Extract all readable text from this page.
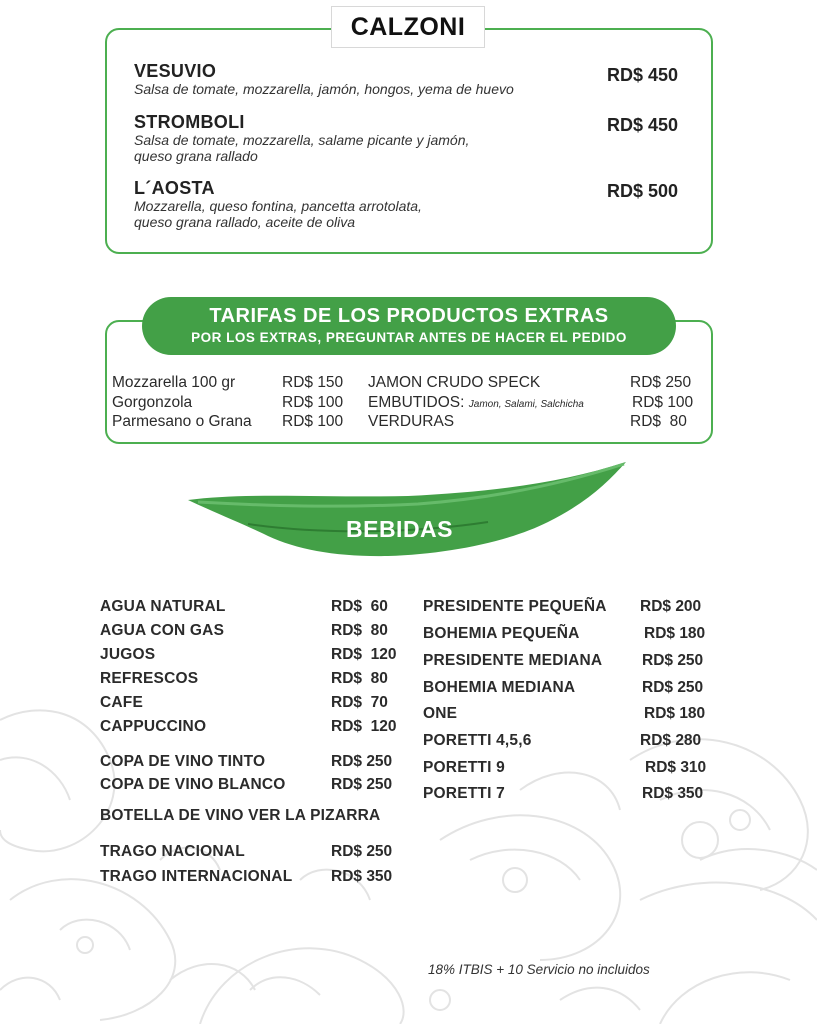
CALZONI
VESUVIO
Salsa de tomate, mozzarella, jamón, hongos, yema de huevo
RD$ 450
STROMBOLI
Salsa de tomate, mozzarella, salame picante y jamón,
queso grana rallado
RD$ 450
L´AOSTA
Mozzarella, queso fontina, pancetta arrotolata,
queso grana rallado, aceite de oliva
RD$ 500
TARIFAS DE LOS PRODUCTOS EXTRAS
POR LOS EXTRAS, PREGUNTAR ANTES DE HACER EL PEDIDO
Mozzarella 100 gr	RD$ 150
Gorgonzola	RD$ 100
Parmesano o Grana RD$ 100
JAMON CRUDO SPECK	RD$ 250
EMBUTIDOS: Jamon, Salami, Salchicha	RD$ 100
VERDURAS	RD$  80
BEBIDAS
AGUA NATURAL	RD$  60
AGUA CON GAS	RD$  80
JUGOS	RD$  120
REFRESCOS	RD$  80
CAFE	RD$  70
CAPPUCCINO	RD$  120
COPA DE VINO TINTO	RD$ 250
COPA DE VINO BLANCO	RD$ 250
BOTELLA DE VINO VER LA PIZARRA
TRAGO NACIONAL	RD$ 250
TRAGO INTERNACIONAL RD$ 350
PRESIDENTE PEQUEÑA RD$ 200
BOHEMIA PEQUEÑA	RD$ 180
PRESIDENTE MEDIANA	RD$ 250
BOHEMIA MEDIANA	RD$ 250
ONE	RD$ 180
PORETTI 4,5,6	RD$ 280
PORETTI 9	RD$ 310
PORETTI 7	RD$ 350
18% ITBIS + 10 Servicio no incluidos
